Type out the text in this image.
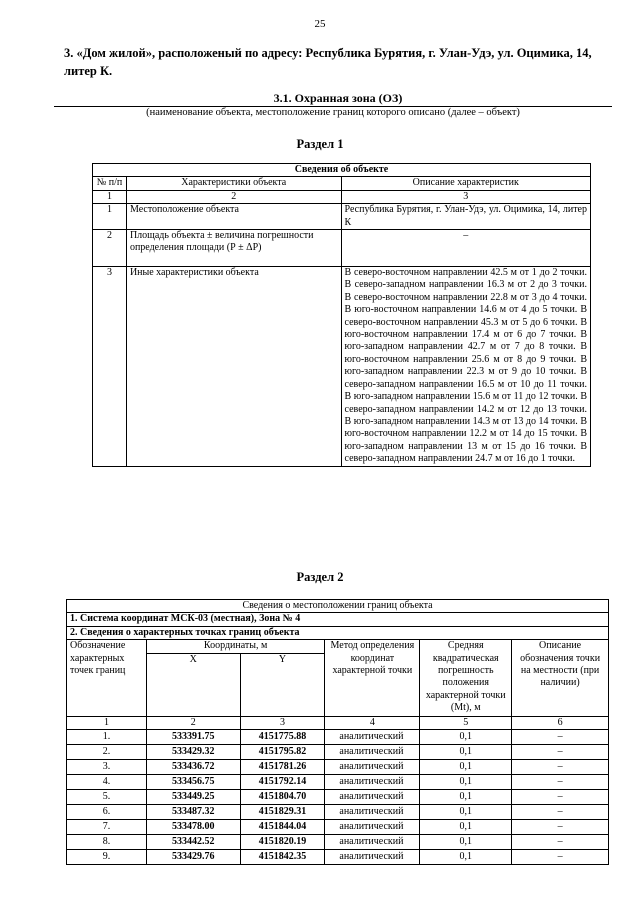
25
3. «Дом жилой», расположеный по адресу: Республика Бурятия, г. Улан-Удэ, ул. Оцимика, 14, литер К.
3.1. Охранная зона (ОЗ)
(наименование объекта, местоположение границ которого описано (далее – объект)
Раздел 1
Сведения об объекте		
№ п/п	Характеристики объекта	Описание характеристик
1	2	3
1	Местоположение объекта	Республика Бурятия, г. Улан-Удэ, ул. Оцимика, 14, литер К
2	Площадь объекта ± величина погрешности определения площади (Р ± ΔР)	–
3	Иные характеристики объекта	В северо-восточном направлении 42.5 м от 1 до 2 точки. В северо-западном направлении 16.3 м от 2 до 3 точки. В северо-восточном направлении 22.8 м от 3 до 4 точки. В юго-восточном направлении 14.6 м от 4 до 5 точки. В северо-восточном направлении 45.3 м от 5 до 6 точки. В юго-восточном направлении 17.4 м от 6 до 7 точки. В юго-западном направлении 42.7 м от 7 до 8 точки. В юго-восточном направлении 25.6 м от 8 до 9 точки. В юго-западном направлении 22.3 м от 9 до 10 точки. В северо-западном направлении 16.5 м от 10 до 11 точки. В юго-западном направлении 15.6 м от 11 до 12 точки. В северо-западном направлении 14.2 м от 12 до 13 точки. В юго-западном направлении 14.3 м от 13 до 14 точки. В юго-восточном направлении 12.2 м от 14 до 15 точки. В юго-западном направлении 13 м от 15 до 16 точки. В северо-западном направлении 24.7 м от 16 до 1 точки.
Раздел 2
Сведения о местоположении границ объекта					
1. Система координат МСК-03 (местная), Зона № 4					
2. Сведения о характерных точках границ объекта					
Обозначение характерных точек границ	Координаты, м		Метод определения координат характерной точки	Средняя квадратическая погрешность положения характерной точки (Мt), м	Описание обозначения точки на местности (при наличии)
	X	Y			
1	2	3	4	5	6
1.	533391.75	4151775.88	аналитический	0,1	–
2.	533429.32	4151795.82	аналитический	0,1	–
3.	533436.72	4151781.26	аналитический	0,1	–
4.	533456.75	4151792.14	аналитический	0,1	–
5.	533449.25	4151804.70	аналитический	0,1	–
6.	533487.32	4151829.31	аналитический	0,1	–
7.	533478.00	4151844.04	аналитический	0,1	–
8.	533442.52	4151820.19	аналитический	0,1	–
9.	533429.76	4151842.35	аналитический	0,1	–
